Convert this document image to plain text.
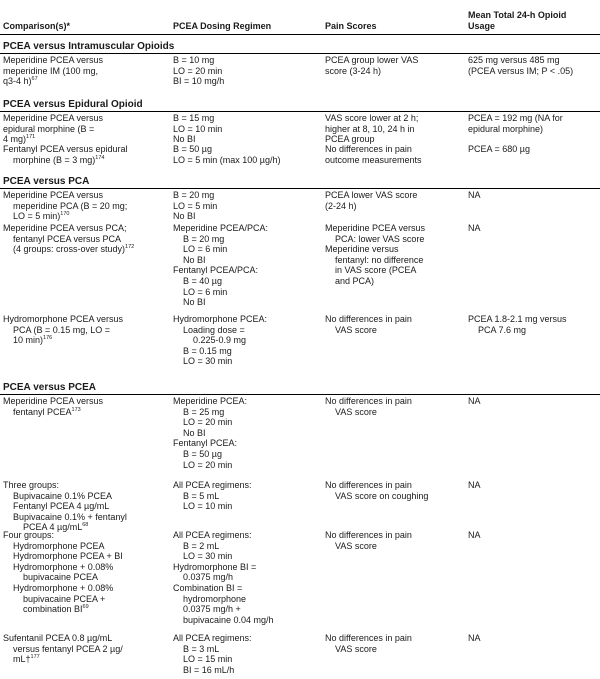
Comparison(s)*	PCEA Dosing Regimen	Pain Scores
Mean Total 24-h Opioid Usage
PCEA versus Intramuscular Opioids
Meperidine PCEA versus
meperidine IM (100 mg,
q3-4 h)$^{67}$
B = 10 mg
LO = 20 min
BI = 10 mg/h
PCEA group lower VAS
score (3-24 h)
625 mg versus 485 mg
(PCEA versus IM; P < .05)
PCEA versus Epidural Opioid
Meperidine PCEA versus
epidural morphine (B =
4 mg)$^{171}$
B = 15 mg
LO = 10 min
No BI
VAS score lower at 2 h;
higher at 8, 10, 24 h in
PCEA group
PCEA = 192 mg (NA for
epidural morphine)
Fentanyl PCEA versus epidural
morphine (B = 3 mg)$^{174}$
B = 50 µg
LO = 5 min (max 100 µg/h)
No differences in pain
outcome measurements
PCEA = 680 µg
PCEA versus PCA
Meperidine PCEA versus
meperidine PCA (B = 20 mg;
LO = 5 min)$^{170}$
B = 20 mg
LO = 5 min
No BI
PCEA lower VAS score
(2-24 h)
NA
Meperidine PCEA versus PCA;
fentanyl PCEA versus PCA
(4 groups: cross-over study)$^{172}$
Meperidine PCEA/PCA:
B = 20 mg
LO = 6 min
No BI
Fentanyl PCEA/PCA:
B = 40 µg
LO = 6 min
No BI
Meperidine PCEA versus
PCA: lower VAS score
Meperidine versus
fentanyl: no difference
in VAS score (PCEA
and PCA)
NA
Hydromorphone PCEA versus
PCA (B = 0.15 mg, LO =
10 min)$^{176}$
Hydromorphone PCEA:
Loading dose =
0.225-0.9 mg
B = 0.15 mg
LO = 30 min
No differences in pain
VAS score
PCEA 1.8-2.1 mg versus
PCA 7.6 mg
PCEA versus PCEA
Meperidine PCEA versus
fentanyl PCEA$^{173}$
Meperidine PCEA:
B = 25 mg
LO = 20 min
No BI
Fentanyl PCEA:
B = 50 µg
LO = 20 min
No differences in pain
VAS score
NA
Three groups:
Bupivacaine 0.1% PCEA
Fentanyl PCEA 4 µg/mL
Bupivacaine 0.1% + fentanyl
PCEA 4 $\mu g/mL^{68}$
All PCEA regimens:
B = 5 mL
LO = 10 min
No differences in pain
VAS score on coughing
NA
Four groups:
Hydromorphone PCEA
Hydromorphone PCEA + BI
Hydromorphone + 0.08%
bupivacaine PCEA
Hydromorphone + 0.08%
bupivacaine PCEA +
combination BI$^{69}$
All PCEA regimens:
B = 2 mL
LO = 30 min
Hydromorphone BI =
0.0375 mg/h
Combination BI =
hydromorphone
0.0375 mg/h +
bupivacaine 0.04 mg/h
No differences in pain
VAS score
NA
Sufentanil PCEA 0.8 µg/mL
versus fentanyl PCEA 2 µg/
mL†$^{177}$
All PCEA regimens:
B = 3 mL
LO = 15 min
BI = 16 mL/h
No differences in pain
VAS score
NA
